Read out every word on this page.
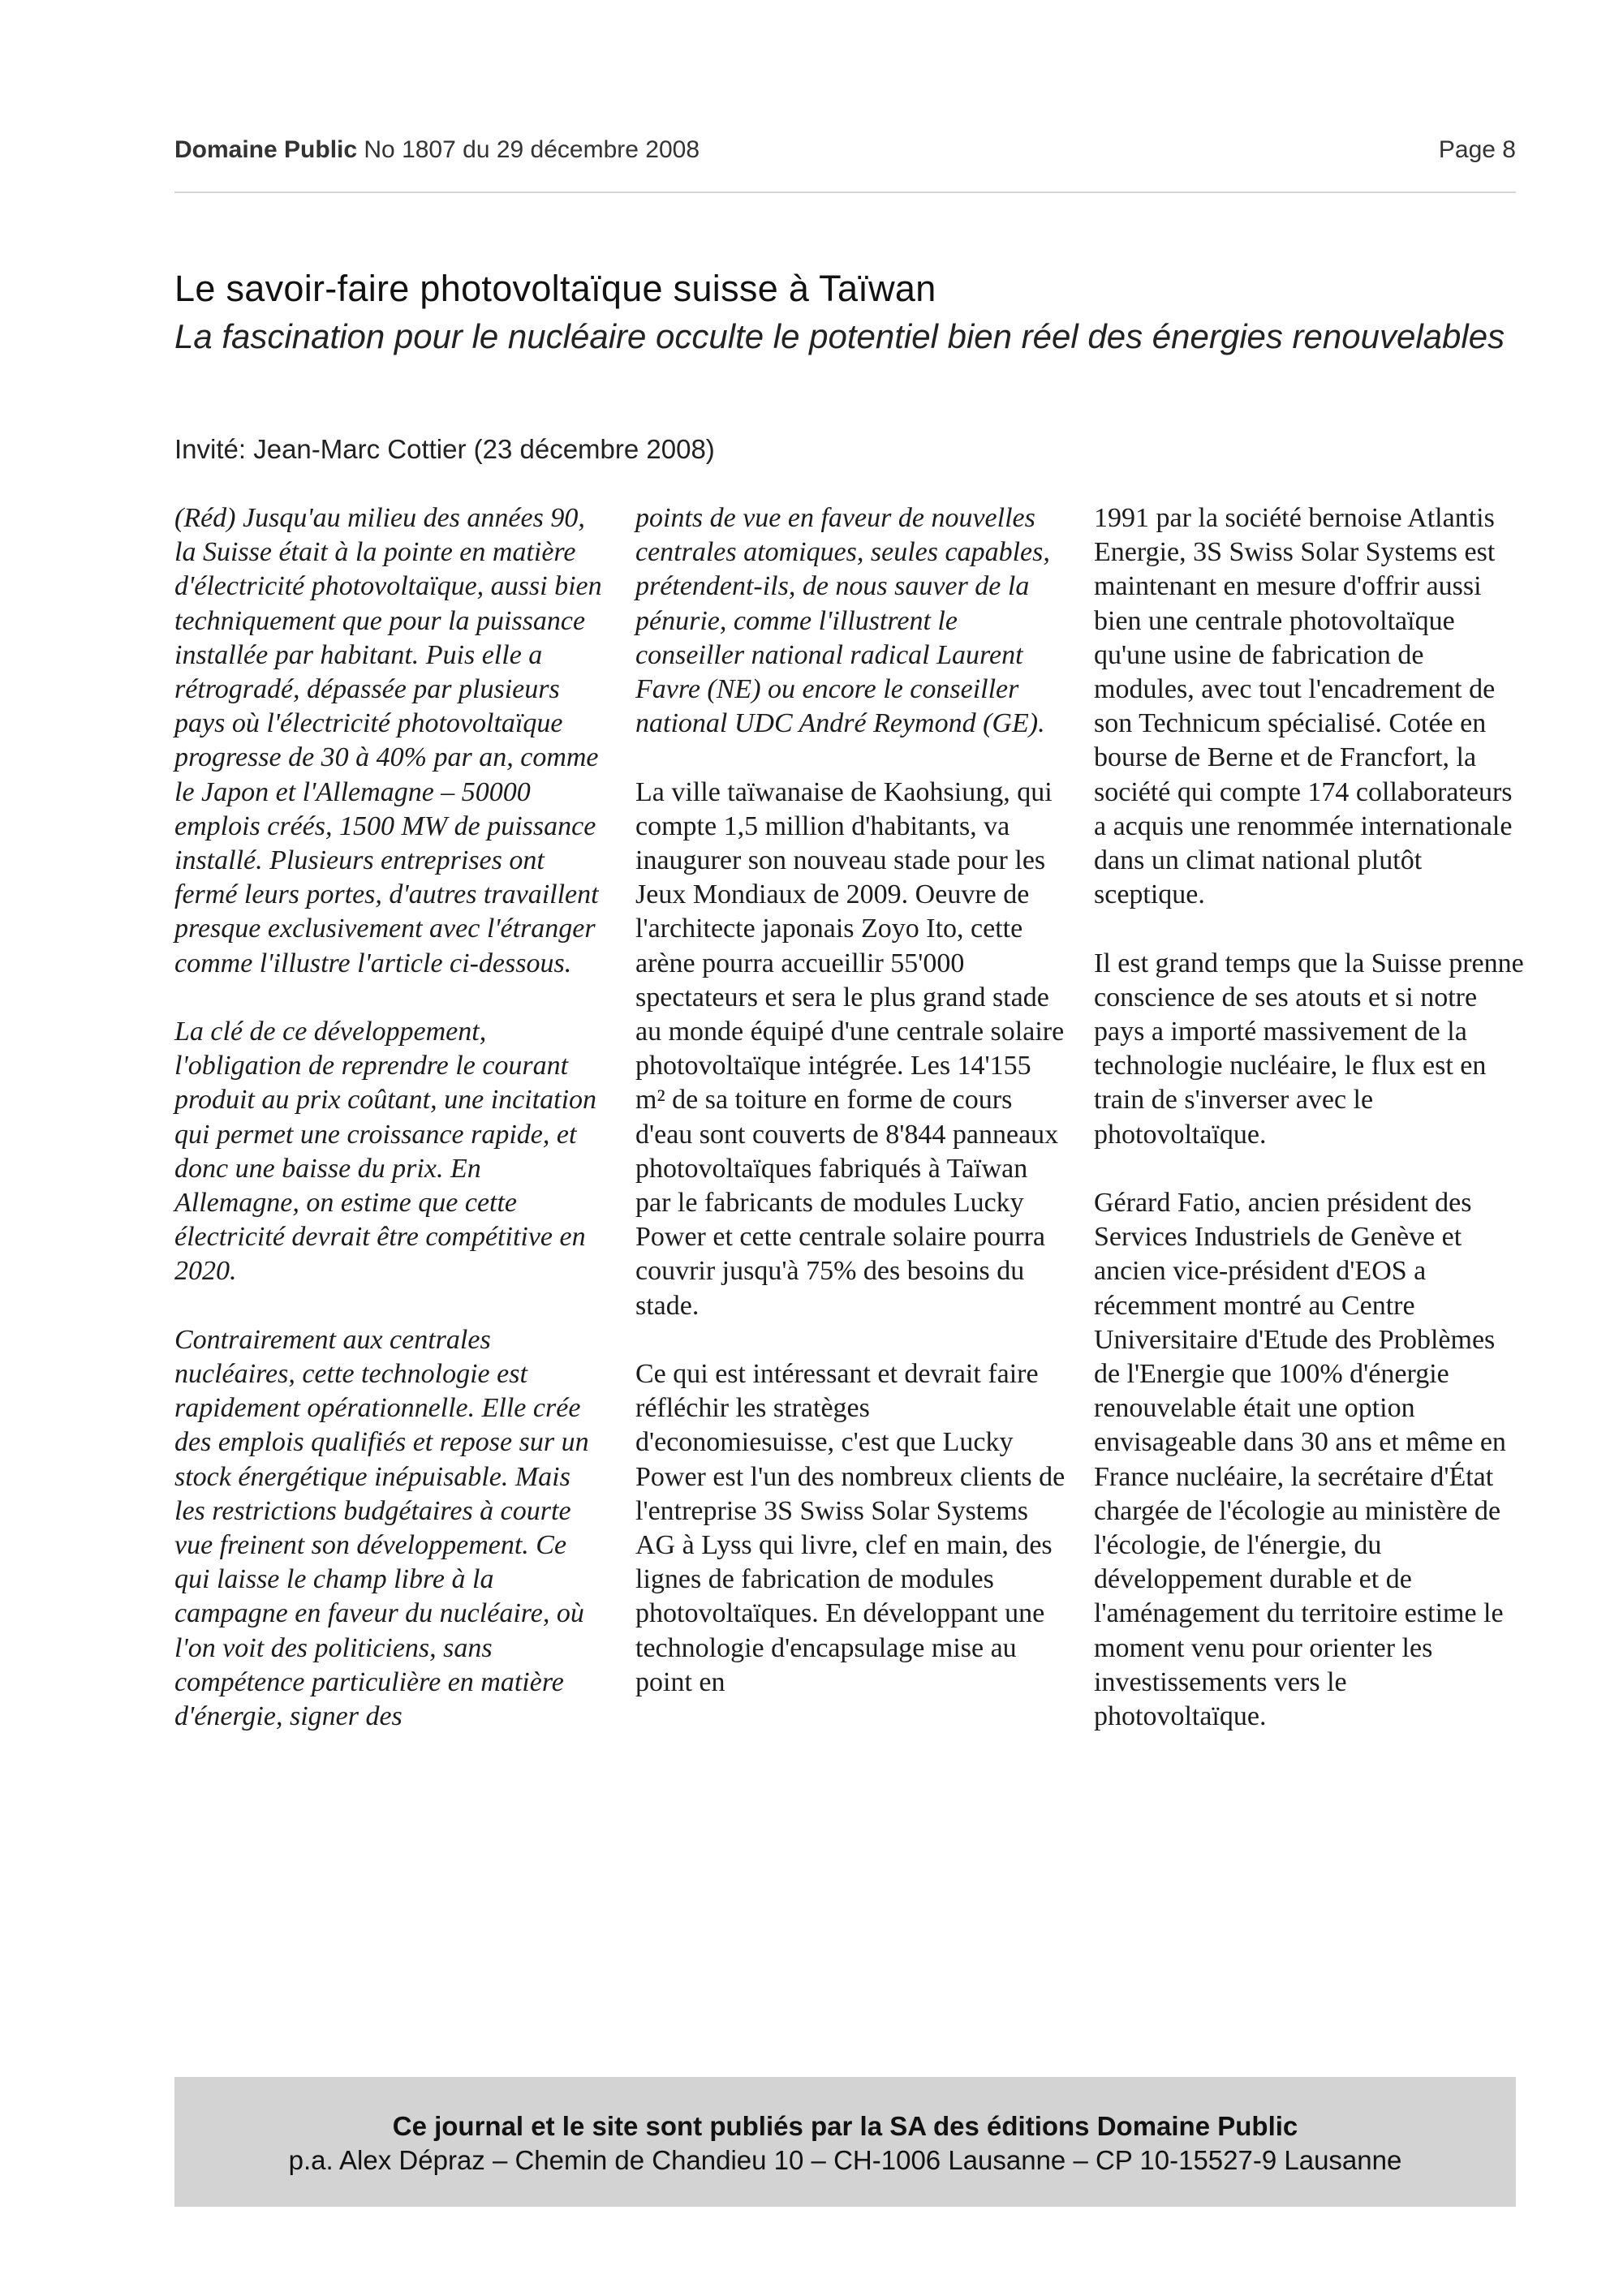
Domaine Public No 1807 du 29 décembre 2008	Page 8
Le savoir-faire photovoltaïque suisse à Taïwan

La fascination pour le nucléaire occulte le potentiel bien réel des énergies renouvelables

Invité: Jean-Marc Cottier (23 décembre 2008)

(Réd) Jusqu'au milieu des années 90, la Suisse était à la pointe en matière d'électricité photovoltaïque, aussi bien techniquement que pour la puissance installée par habitant. Puis elle a rétrogradé, dépassée par plusieurs pays où l'électricité photovoltaïque progresse de 30 à 40% par an, comme le Japon et l'Allemagne – 50000 emplois créés, 1500 MW de puissance installé. Plusieurs entreprises ont fermé leurs portes, d'autres travaillent presque exclusivement avec l'étranger comme l'illustre l'article ci-dessous.

La clé de ce développement, l'obligation de reprendre le courant produit au prix coûtant, une incitation qui permet une croissance rapide, et donc une baisse du prix. En Allemagne, on estime que cette électricité devrait être compétitive en 2020.

Contrairement aux centrales nucléaires, cette technologie est rapidement opérationnelle. Elle crée des emplois qualifiés et repose sur un stock énergétique inépuisable. Mais les restrictions budgétaires à courte vue freinent son développement. Ce qui laisse le champ libre à la campagne en faveur du nucléaire, où l'on voit des politiciens, sans compétence particulière en matière d'énergie, signer des

points de vue en faveur de nouvelles centrales atomiques, seules capables, prétendent-ils, de nous sauver de la pénurie, comme l'illustrent le conseiller national radical Laurent Favre (NE) ou encore le conseiller national UDC André Reymond (GE).

La ville taïwanaise de Kaohsiung, qui compte 1,5 million d'habitants, va inaugurer son nouveau stade pour les Jeux Mondiaux de 2009. Oeuvre de l'architecte japonais Zoyo Ito, cette arène pourra accueillir 55'000 spectateurs et sera le plus grand stade au monde équipé d'une centrale solaire photovoltaïque intégrée. Les 14'155 m² de sa toiture en forme de cours d'eau sont couverts de 8'844 panneaux photovoltaïques fabriqués à Taïwan par le fabricants de modules Lucky Power et cette centrale solaire pourra couvrir jusqu'à 75% des besoins du stade.

Ce qui est intéressant et devrait faire réfléchir les stratèges d'economiesuisse, c'est que Lucky Power est l'un des nombreux clients de l'entreprise 3S Swiss Solar Systems AG à Lyss qui livre, clef en main, des lignes de fabrication de modules photovoltaïques. En développant une technologie d'encapsulage mise au point en

1991 par la société bernoise Atlantis Energie, 3S Swiss Solar Systems est maintenant en mesure d'offrir aussi bien une centrale photovoltaïque qu'une usine de fabrication de modules, avec tout l'encadrement de son Technicum spécialisé. Cotée en bourse de Berne et de Francfort, la société qui compte 174 collaborateurs a acquis une renommée internationale dans un climat national plutôt sceptique.

Il est grand temps que la Suisse prenne conscience de ses atouts et si notre pays a importé massivement de la technologie nucléaire, le flux est en train de s'inverser avec le photovoltaïque.

Gérard Fatio, ancien président des Services Industriels de Genève et ancien vice-président d'EOS a récemment montré au Centre Universitaire d'Etude des Problèmes de l'Energie que 100% d'énergie renouvelable était une option envisageable dans 30 ans et même en France nucléaire, la secrétaire d'État chargée de l'écologie au ministère de l'écologie, de l'énergie, du développement durable et de l'aménagement du territoire estime le moment venu pour orienter les investissements vers le photovoltaïque.

Ce journal et le site sont publiés par la SA des éditions Domaine Public
p.a. Alex Dépraz – Chemin de Chandieu 10 – CH-1006 Lausanne – CP 10-15527-9 Lausanne
